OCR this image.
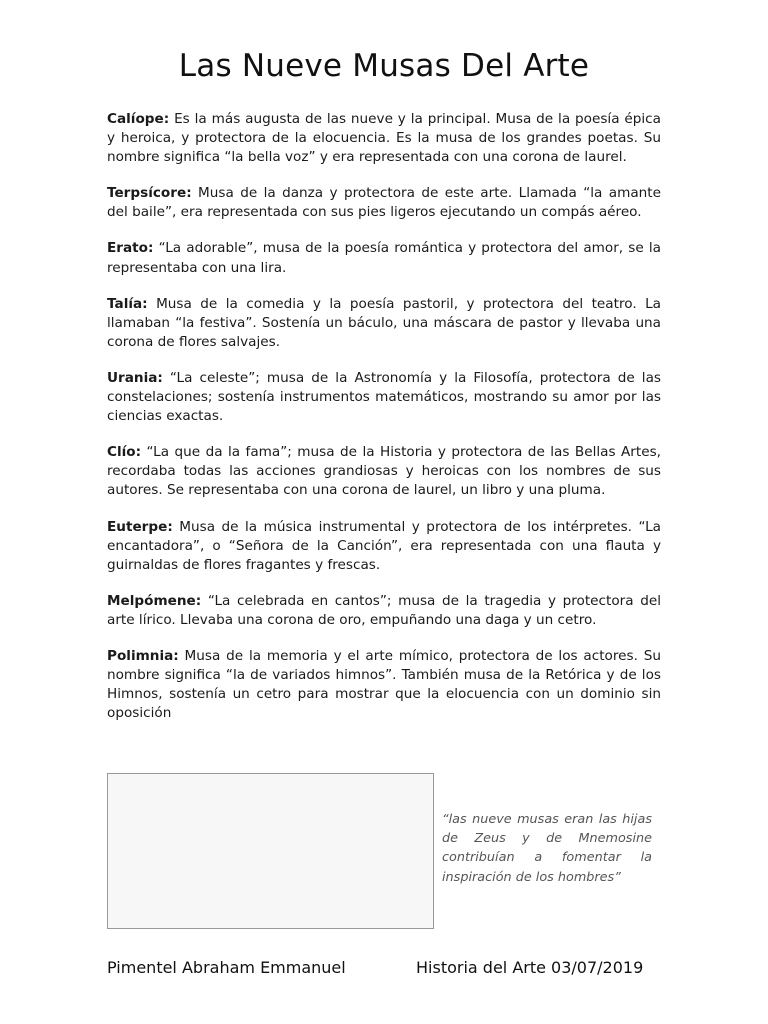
Las Nueve Musas Del Arte

Calíope: Es la más augusta de las nueve y la principal. Musa de la poesía épica y heroica, y protectora de la elocuencia. Es la musa de los grandes poetas. Su nombre significa “la bella voz” y era representada con una corona de laurel.

Terpsícore: Musa de la danza y protectora de este arte. Llamada “la amante del baile”, era representada con sus pies ligeros ejecutando un compás aéreo.

Erato: “La adorable”, musa de la poesía romántica y protectora del amor, se la representaba con una lira.

Talía: Musa de la comedia y la poesía pastoril, y protectora del teatro. La llamaban “la festiva”. Sostenía un báculo, una máscara de pastor y llevaba una corona de flores salvajes.

Urania: “La celeste”; musa de la Astronomía y la Filosofía, protectora de las constelaciones; sostenía instrumentos matemáticos, mostrando su amor por las ciencias exactas.

Clío: “La que da la fama”; musa de la Historia y protectora de las Bellas Artes, recordaba todas las acciones grandiosas y heroicas con los nombres de sus autores. Se representaba con una corona de laurel, un libro y una pluma.

Euterpe: Musa de la música instrumental y protectora de los intérpretes. “La encantadora”, o “Señora de la Canción”, era representada con una flauta y guirnaldas de flores fragantes y frescas.

Melpómene: “La celebrada en cantos”; musa de la tragedia y protectora del arte lírico. Llevaba una corona de oro, empuñando una daga y un cetro.

Polimnia: Musa de la memoria y el arte mímico, protectora de los actores. Su nombre significa “la de variados himnos”. También musa de la Retórica y de los Himnos, sostenía un cetro para mostrar que la elocuencia con un dominio sin oposición

“las nueve musas eran las hijas de Zeus y de Mnemosine contribuían a fomentar la inspiración de los hombres”
Pimentel Abraham Emmanuel	Historia del Arte 03/07/2019
